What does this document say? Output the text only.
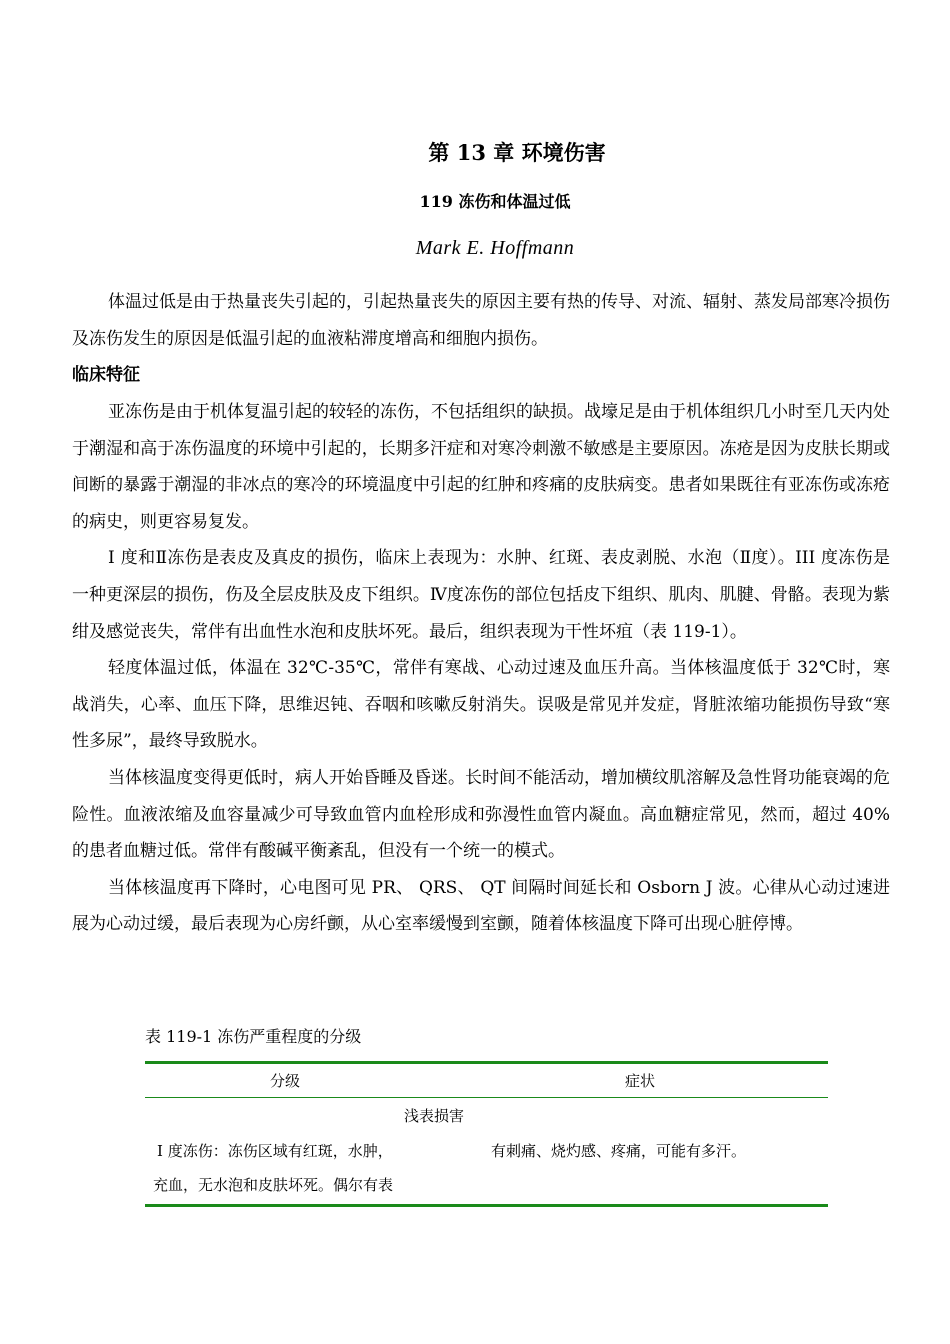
第 13 章 环境伤害
119 冻伤和体温过低
Mark E. Hoffmann

体温过低是由于热量丧失引起的，引起热量丧失的原因主要有热的传导、对流、辐射、蒸发局部寒冷损伤及冻伤发生的原因是低温引起的血液粘滞度增高和细胞内损伤。

临床特征

亚冻伤是由于机体复温引起的较轻的冻伤，不包括组织的缺损。战壕足是由于机体组织几小时至几天内处于潮湿和高于冻伤温度的环境中引起的，长期多汗症和对寒冷刺激不敏感是主要原因。冻疮是因为皮肤长期或间断的暴露于潮湿的非冰点的寒冷的环境温度中引起的红肿和疼痛的皮肤病变。患者如果既往有亚冻伤或冻疮的病史，则更容易复发。

Ⅰ 度和Ⅱ冻伤是表皮及真皮的损伤，临床上表现为：水肿、红斑、表皮剥脱、水泡（Ⅱ度）。III 度冻伤是一种更深层的损伤，伤及全层皮肤及皮下组织。Ⅳ度冻伤的部位包括皮下组织、肌肉、肌腱、骨骼。表现为紫绀及感觉丧失，常伴有出血性水泡和皮肤坏死。最后，组织表现为干性坏疽（表 119-1）。

轻度体温过低，体温在 32℃-35℃，常伴有寒战、心动过速及血压升高。当体核温度低于 32℃时，寒战消失，心率、血压下降，思维迟钝、吞咽和咳嗽反射消失。误吸是常见并发症，肾脏浓缩功能损伤导致“寒性多尿”，最终导致脱水。

当体核温度变得更低时，病人开始昏睡及昏迷。长时间不能活动，增加横纹肌溶解及急性肾功能衰竭的危险性。血液浓缩及血容量减少可导致血管内血栓形成和弥漫性血管内凝血。高血糖症常见，然而，超过 40%的患者血糖过低。常伴有酸碱平衡紊乱，但没有一个统一的模式。

当体核温度再下降时，心电图可见 PR、 QRS、 QT 间隔时间延长和 Osborn J 波。心律从心动过速进展为心动过缓，最后表现为心房纤颤，从心室率缓慢到室颤，随着体核温度下降可出现心脏停博。

表 119-1 冻伤严重程度的分级
分级	症状
浅表损害
Ⅰ 度冻伤：冻伤区域有红斑，水肿，	有刺痛、烧灼感、疼痛，可能有多汗。
充血，无水泡和皮肤坏死。偶尔有表
